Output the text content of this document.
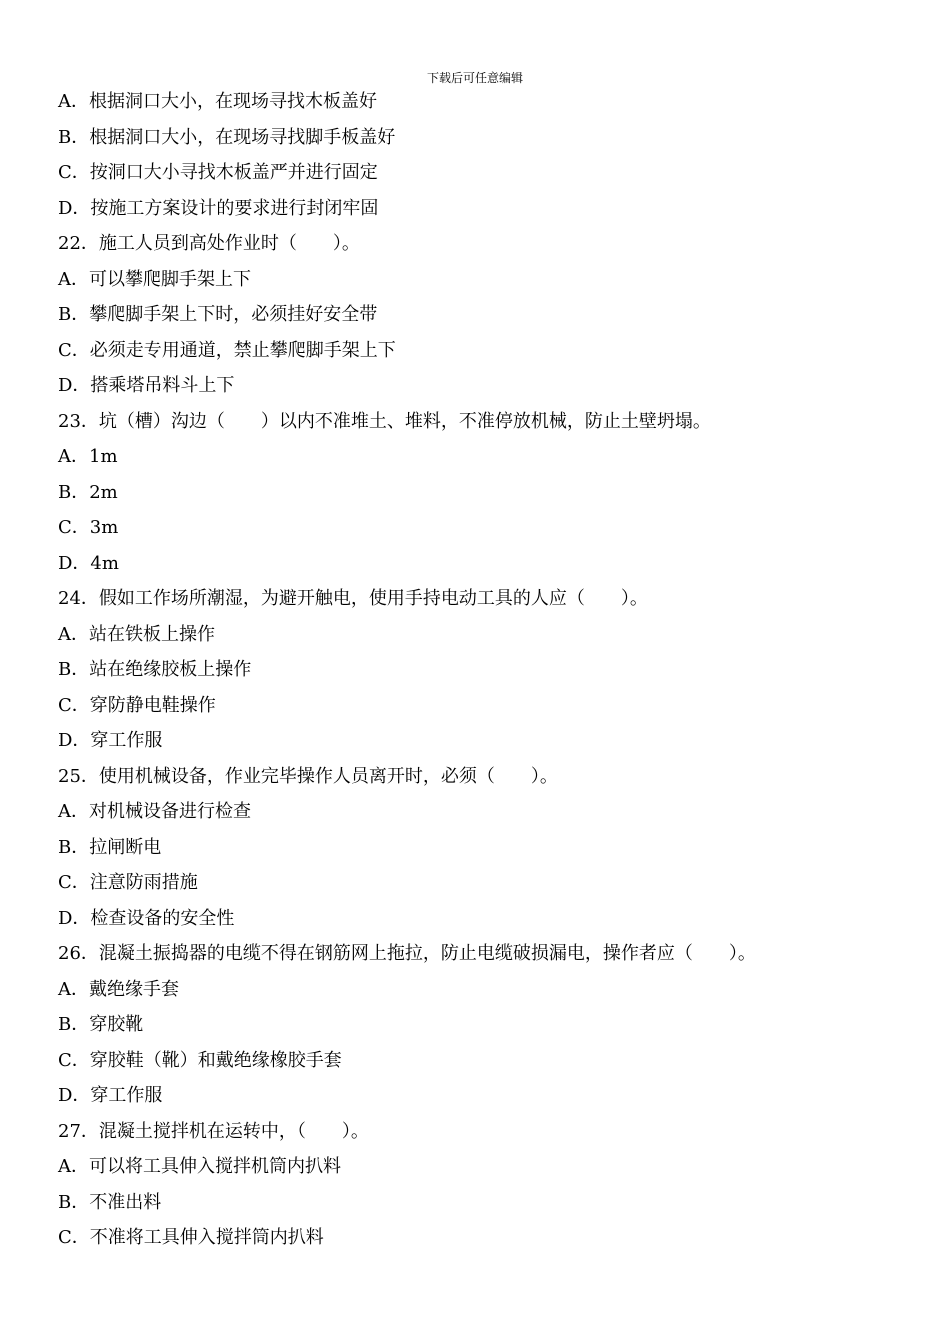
下载后可任意编辑
A．根据洞口大小，在现场寻找木板盖好
B．根据洞口大小，在现场寻找脚手板盖好
C．按洞口大小寻找木板盖严并进行固定
D．按施工方案设计的要求进行封闭牢固
22．施工人员到高处作业时（　　）。
A．可以攀爬脚手架上下
B．攀爬脚手架上下时，必须挂好安全带
C．必须走专用通道，禁止攀爬脚手架上下
D．搭乘塔吊料斗上下
23．坑（槽）沟边（　　）以内不准堆土、堆料，不准停放机械，防止土壁坍塌。
A．1m
B．2m
C．3m
D．4m
24．假如工作场所潮湿，为避开触电，使用手持电动工具的人应（　　）。
A．站在铁板上操作
B．站在绝缘胶板上操作
C．穿防静电鞋操作
D．穿工作服
25．使用机械设备，作业完毕操作人员离开时，必须（　　）。
A．对机械设备进行检查
B．拉闸断电
C．注意防雨措施
D．检查设备的安全性
26．混凝土振捣器的电缆不得在钢筋网上拖拉，防止电缆破损漏电，操作者应（　　）。
A．戴绝缘手套
B．穿胶靴
C．穿胶鞋（靴）和戴绝缘橡胶手套
D．穿工作服
27．混凝土搅拌机在运转中，（　　）。
A．可以将工具伸入搅拌机筒内扒料
B．不准出料
C．不准将工具伸入搅拌筒内扒料
